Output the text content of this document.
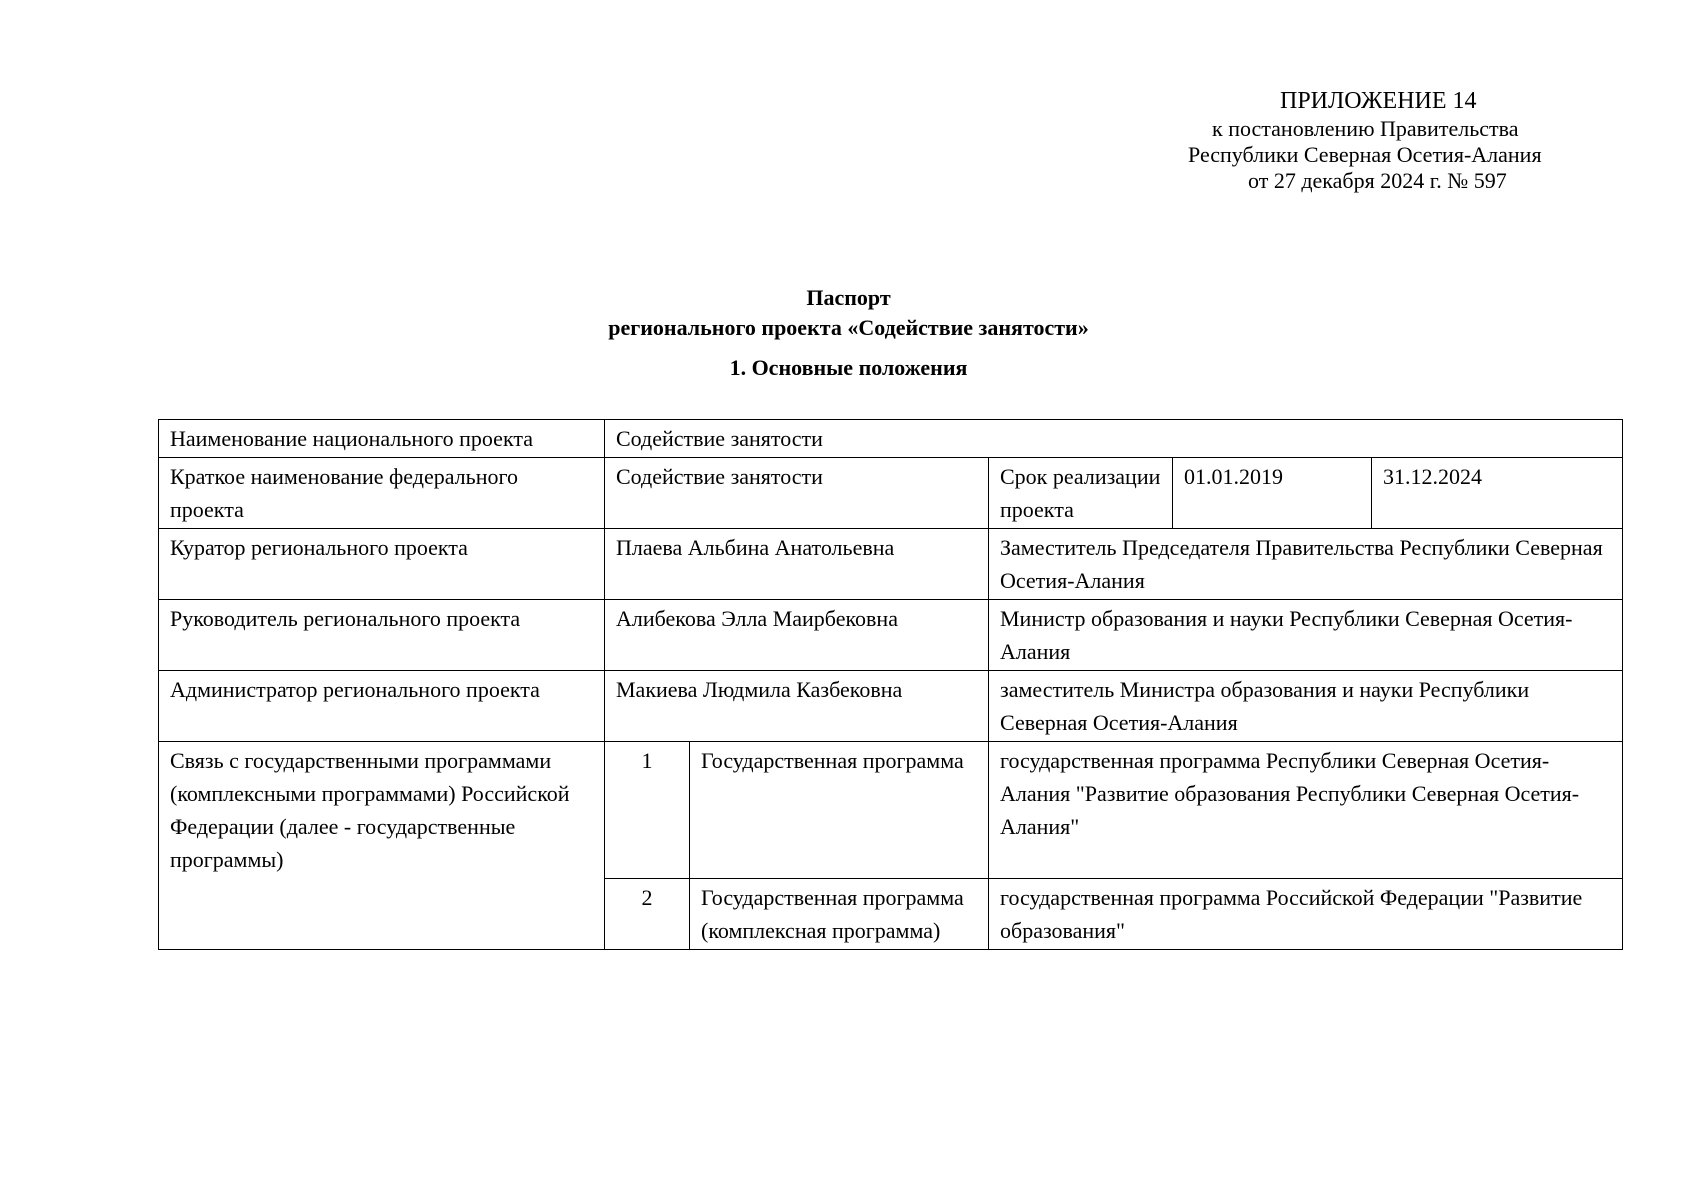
ПРИЛОЖЕНИЕ 14
к постановлению Правительства
Республики Северная Осетия-Алания
от 27 декабря 2024 г. № 597
Паспорт
регионального проекта «Содействие занятости»
1. Основные положения
Наименование национального проекта	Содействие занятости				
Краткое наименование федерального проекта	Содействие занятости		Срок реализации проекта	01.01.2019	31.12.2024
Куратор регионального проекта	Плаева Альбина Анатольевна		Заместитель Председателя Правительства Республики Северная Осетия-Алания		
Руководитель регионального проекта	Алибекова Элла Маирбековна		Министр образования и науки Республики Северная Осетия-Алания		
Администратор регионального проекта	Макиева Людмила Казбековна		заместитель Министра образования и науки Республики Северная Осетия-Алания		
Связь с государственными программами (комплексными программами) Российской Федерации (далее - государственные программы)	1	Государственная программа	государственная программа Республики Северная Осетия-Алания "Развитие образования Республики Северная Осетия-Алания"		
	2	Государственная программа (комплексная программа)	государственная программа Российской Федерации "Развитие образования"		
